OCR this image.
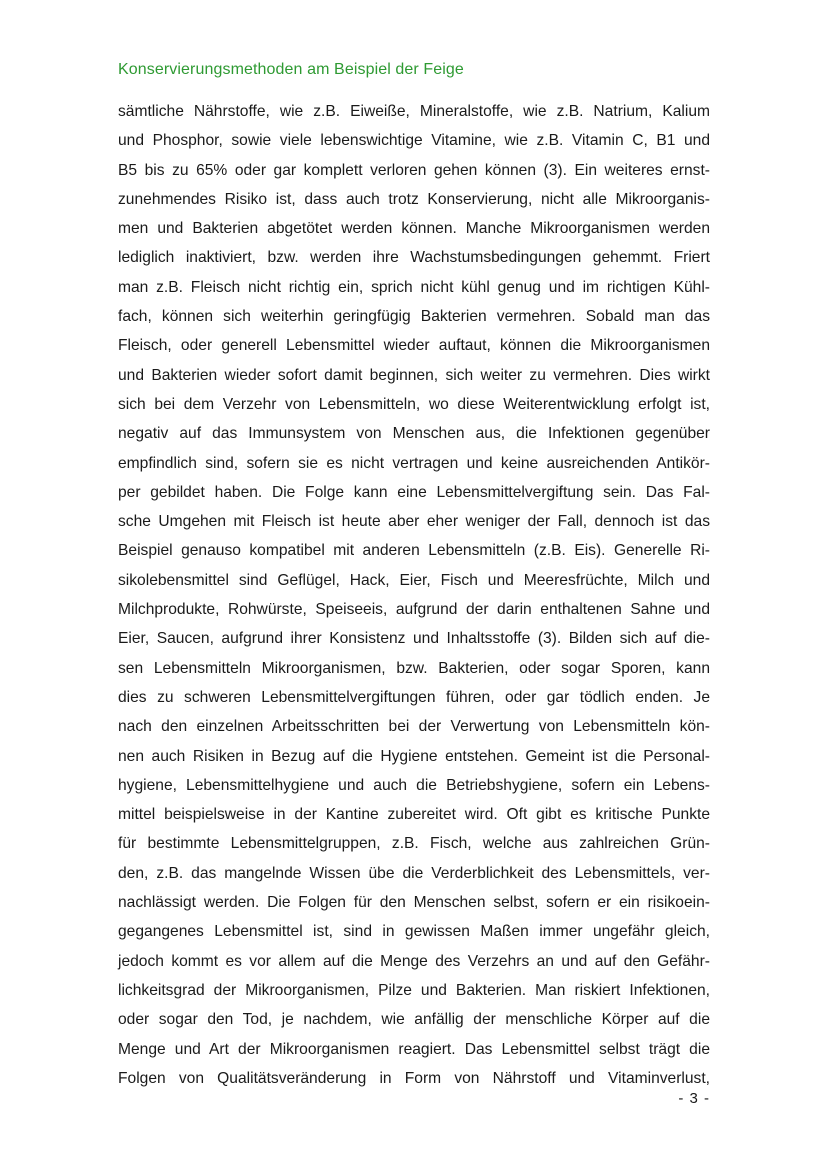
Konservierungsmethoden am Beispiel der Feige
sämtliche Nährstoffe, wie z.B. Eiweiße, Mineralstoffe, wie z.B. Natrium, Kalium
und Phosphor, sowie viele lebenswichtige Vitamine, wie z.B. Vitamin C, B1 und
B5 bis zu 65% oder gar komplett verloren gehen können (3). Ein weiteres ernst-
zunehmendes Risiko ist, dass auch trotz Konservierung, nicht alle Mikroorganis-
men und Bakterien abgetötet werden können. Manche Mikroorganismen werden
lediglich inaktiviert, bzw. werden ihre Wachstumsbedingungen gehemmt. Friert
man z.B. Fleisch nicht richtig ein, sprich nicht kühl genug und im richtigen Kühl-
fach, können sich weiterhin geringfügig Bakterien vermehren. Sobald man das
Fleisch, oder generell Lebensmittel wieder auftaut, können die Mikroorganismen
und Bakterien wieder sofort damit beginnen, sich weiter zu vermehren. Dies wirkt
sich bei dem Verzehr von Lebensmitteln, wo diese Weiterentwicklung erfolgt ist,
negativ auf das Immunsystem von Menschen aus, die Infektionen gegenüber
empfindlich sind, sofern sie es nicht vertragen und keine ausreichenden Antikör-
per gebildet haben. Die Folge kann eine Lebensmittelvergiftung sein. Das Fal-
sche Umgehen mit Fleisch ist heute aber eher weniger der Fall, dennoch ist das
Beispiel genauso kompatibel mit anderen Lebensmitteln (z.B. Eis). Generelle Ri-
sikolebensmittel sind Geflügel, Hack, Eier, Fisch und Meeresfrüchte, Milch und
Milchprodukte, Rohwürste, Speiseeis, aufgrund der darin enthaltenen Sahne und
Eier, Saucen, aufgrund ihrer Konsistenz und Inhaltsstoffe (3). Bilden sich auf die-
sen Lebensmitteln Mikroorganismen, bzw. Bakterien, oder sogar Sporen, kann
dies zu schweren Lebensmittelvergiftungen führen, oder gar tödlich enden. Je
nach den einzelnen Arbeitsschritten bei der Verwertung von Lebensmitteln kön-
nen auch Risiken in Bezug auf die Hygiene entstehen. Gemeint ist die Personal-
hygiene, Lebensmittelhygiene und auch die Betriebshygiene, sofern ein Lebens-
mittel beispielsweise in der Kantine zubereitet wird. Oft gibt es kritische Punkte
für bestimmte Lebensmittelgruppen, z.B. Fisch, welche aus zahlreichen Grün-
den, z.B. das mangelnde Wissen übe die Verderblichkeit des Lebensmittels, ver-
nachlässigt werden. Die Folgen für den Menschen selbst, sofern er ein risikoein-
gegangenes Lebensmittel ist, sind in gewissen Maßen immer ungefähr gleich,
jedoch kommt es vor allem auf die Menge des Verzehrs an und auf den Gefähr-
lichkeitsgrad der Mikroorganismen, Pilze und Bakterien. Man riskiert Infektionen,
oder sogar den Tod, je nachdem, wie anfällig der menschliche Körper auf die
Menge und Art der Mikroorganismen reagiert. Das Lebensmittel selbst trägt die
Folgen von Qualitätsveränderung in Form von Nährstoff und Vitaminverlust,
- 3 -
